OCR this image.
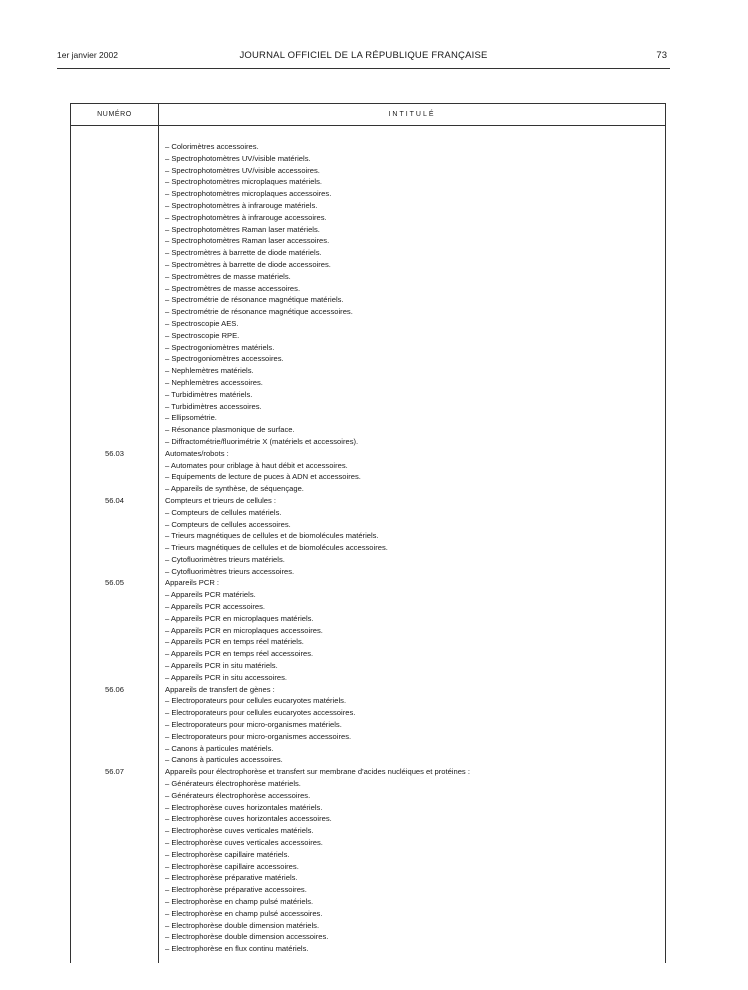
1er janvier 2002	JOURNAL OFFICIEL DE LA RÉPUBLIQUE FRANÇAISE	73
NUMÉRO	INTITULÉ
– Colorimètres accessoires.
– Spectrophotomètres UV/visible matériels.
– Spectrophotomètres UV/visible accessoires.
– Spectrophotomètres microplaques matériels.
– Spectrophotomètres microplaques accessoires.
– Spectrophotomètres à infrarouge matériels.
– Spectrophotomètres à infrarouge accessoires.
– Spectrophotomètres Raman laser matériels.
– Spectrophotomètres Raman laser accessoires.
– Spectromètres à barrette de diode matériels.
– Spectromètres à barrette de diode accessoires.
– Spectromètres de masse matériels.
– Spectromètres de masse accessoires.
– Spectrométrie de résonance magnétique matériels.
– Spectrométrie de résonance magnétique accessoires.
– Spectroscopie AES.
– Spectroscopie RPE.
– Spectrogoniomètres matériels.
– Spectrogoniomètres accessoires.
– Nephlemètres matériels.
– Nephlemètres accessoires.
– Turbidimètres matériels.
– Turbidimètres accessoires.
– Ellipsométrie.
– Résonance plasmonique de surface.
– Diffractométrie/fluorimétrie X (matériels et accessoires).
56.03	Automates/robots :
– Automates pour criblage à haut débit et accessoires.
– Equipements de lecture de puces à ADN et accessoires.
– Appareils de synthèse, de séquençage.
56.04	Compteurs et trieurs de cellules :
– Compteurs de cellules matériels.
– Compteurs de cellules accessoires.
– Trieurs magnétiques de cellules et de biomolécules matériels.
– Trieurs magnétiques de cellules et de biomolécules accessoires.
– Cytofluorimètres trieurs matériels.
– Cytofluorimètres trieurs accessoires.
56.05	Appareils PCR :
– Appareils PCR matériels.
– Appareils PCR accessoires.
– Appareils PCR en microplaques matériels.
– Appareils PCR en microplaques accessoires.
– Appareils PCR en temps réel matériels.
– Appareils PCR en temps réel accessoires.
– Appareils PCR in situ matériels.
– Appareils PCR in situ accessoires.
56.06	Appareils de transfert de gènes :
– Electroporateurs pour cellules eucaryotes matériels.
– Electroporateurs pour cellules eucaryotes accessoires.
– Electroporateurs pour micro-organismes matériels.
– Electroporateurs pour micro-organismes accessoires.
– Canons à particules matériels.
– Canons à particules accessoires.
56.07	Appareils pour électrophorèse et transfert sur membrane d'acides nucléiques et protéines :
– Générateurs électrophorèse matériels.
– Générateurs électrophorèse accessoires.
– Electrophorèse cuves horizontales matériels.
– Electrophorèse cuves horizontales accessoires.
– Electrophorèse cuves verticales matériels.
– Electrophorèse cuves verticales accessoires.
– Electrophorèse capillaire matériels.
– Electrophorèse capillaire accessoires.
– Electrophorèse préparative matériels.
– Electrophorèse préparative accessoires.
– Electrophorèse en champ pulsé matériels.
– Electrophorèse en champ pulsé accessoires.
– Electrophorèse double dimension matériels.
– Electrophorèse double dimension accessoires.
– Electrophorèse en flux continu matériels.
